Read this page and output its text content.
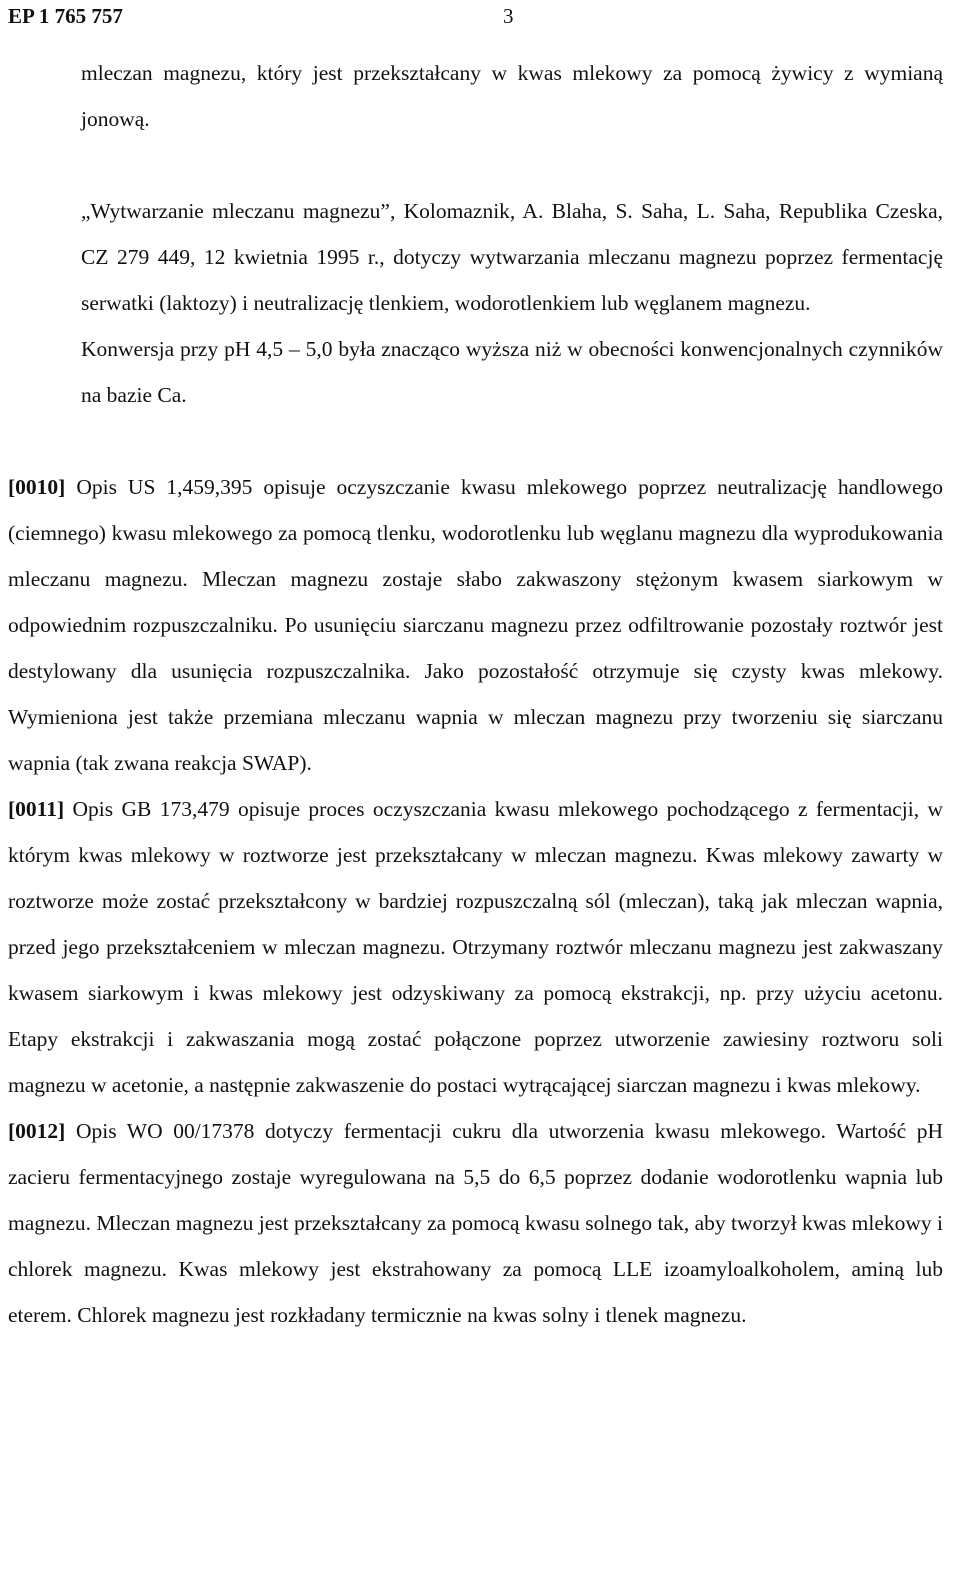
EP 1 765 757	3

mleczan magnezu, który jest przekształcany w kwas mlekowy za pomocą żywicy z wymianą jonową.

„Wytwarzanie mleczanu magnezu”, Kolomaznik, A. Blaha, S. Saha, L. Saha, Republika Czeska, CZ 279 449, 12 kwietnia 1995 r., dotyczy wytwarzania mleczanu magnezu poprzez fermentację serwatki (laktozy) i neutralizację tlenkiem, wodorotlenkiem lub węglanem magnezu.

Konwersja przy pH 4,5 – 5,0 była znacząco wyższa niż w obecności konwencjonalnych czynników na bazie Ca.

[0010] Opis US 1,459,395 opisuje oczyszczanie kwasu mlekowego poprzez neutralizację handlowego (ciemnego) kwasu mlekowego za pomocą tlenku, wodorotlenku lub węglanu magnezu dla wyprodukowania mleczanu magnezu. Mleczan magnezu zostaje słabo zakwaszony stężonym kwasem siarkowym w odpowiednim rozpuszczalniku. Po usunięciu siarczanu magnezu przez odfiltrowanie pozostały roztwór jest destylowany dla usunięcia rozpuszczalnika. Jako pozostałość otrzymuje się czysty kwas mlekowy. Wymieniona jest także przemiana mleczanu wapnia w mleczan magnezu przy tworzeniu się siarczanu wapnia (tak zwana reakcja SWAP).

[0011] Opis GB 173,479 opisuje proces oczyszczania kwasu mlekowego pochodzącego z fermentacji, w którym kwas mlekowy w roztworze jest przekształcany w mleczan magnezu. Kwas mlekowy zawarty w roztworze może zostać przekształcony w bardziej rozpuszczalną sól (mleczan), taką jak mleczan wapnia, przed jego przekształceniem w mleczan magnezu. Otrzymany roztwór mleczanu magnezu jest zakwaszany kwasem siarkowym i kwas mlekowy jest odzyskiwany za pomocą ekstrakcji, np. przy użyciu acetonu. Etapy ekstrakcji i zakwaszania mogą zostać połączone poprzez utworzenie zawiesiny roztworu soli magnezu w acetonie, a następnie zakwaszenie do postaci wytrącającej siarczan magnezu i kwas mlekowy.

[0012] Opis WO 00/17378 dotyczy fermentacji cukru dla utworzenia kwasu mlekowego. Wartość pH zacieru fermentacyjnego zostaje wyregulowana na 5,5 do 6,5 poprzez dodanie wodorotlenku wapnia lub magnezu. Mleczan magnezu jest przekształcany za pomocą kwasu solnego tak, aby tworzył kwas mlekowy i chlorek magnezu. Kwas mlekowy jest ekstrahowany za pomocą LLE izoamyloalkoholem, aminą lub eterem. Chlorek magnezu jest rozkładany termicznie na kwas solny i tlenek magnezu.
